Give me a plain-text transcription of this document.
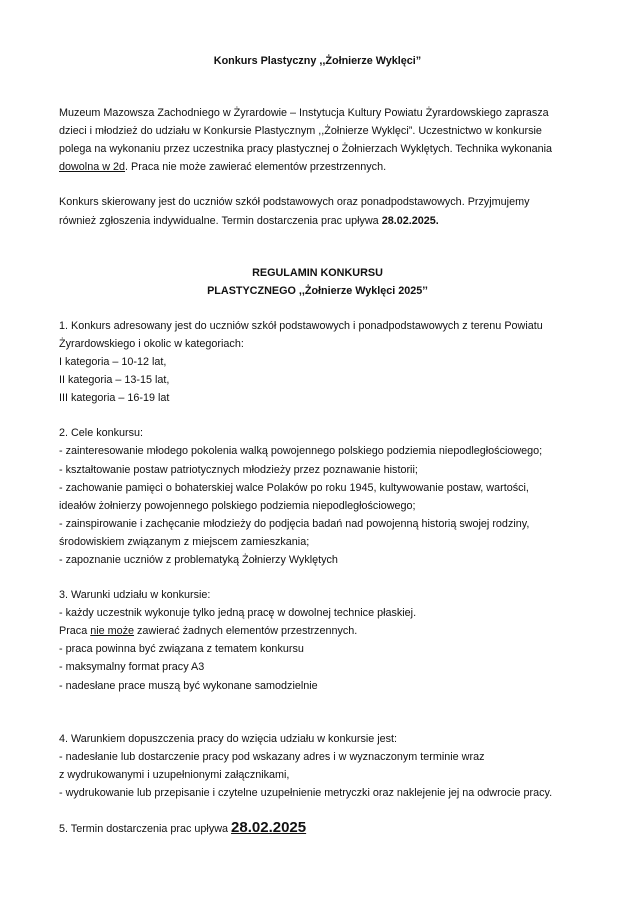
Konkurs Plastyczny ,,Żołnierze Wyklęci”

Muzeum Mazowsza Zachodniego w Żyrardowie – Instytucja Kultury Powiatu Żyrardowskiego zaprasza
dzieci i młodzież do udziału w Konkursie Plastycznym ,,Żołnierze Wyklęci”. Uczestnictwo w konkursie
polega na wykonaniu przez uczestnika pracy plastycznej o Żołnierzach Wyklętych. Technika wykonania
dowolna w 2d. Praca nie może zawierać elementów przestrzennych.
Konkurs skierowany jest do uczniów szkół podstawowych oraz ponadpodstawowych. Przyjmujemy
również zgłoszenia indywidualne. Termin dostarczenia prac upływa 28.02.2025.
REGULAMIN KONKURSU
PLASTYCZNEGO ,,Żołnierze Wyklęci 2025’’
1. Konkurs adresowany jest do uczniów szkół podstawowych i ponadpodstawowych z terenu Powiatu
Żyrardowskiego i okolic w kategoriach:
I kategoria – 10-12 lat,
II kategoria – 13-15 lat,
III kategoria – 16-19 lat
2. Cele konkursu:
- zainteresowanie młodego pokolenia walką powojennego polskiego podziemia niepodległościowego;
- kształtowanie postaw patriotycznych młodzieży przez poznawanie historii;
- zachowanie pamięci o bohaterskiej walce Polaków po roku 1945, kultywowanie postaw, wartości,
ideałów żołnierzy powojennego polskiego podziemia niepodległościowego;
- zainspirowanie i zachęcanie młodzieży do podjęcia badań nad powojenną historią swojej rodziny,
środowiskiem związanym z miejscem zamieszkania;
- zapoznanie uczniów z problematyką Żołnierzy Wyklętych
3. Warunki udziału w konkursie:
- każdy uczestnik wykonuje tylko jedną pracę w dowolnej technice płaskiej.
Praca nie może zawierać żadnych elementów przestrzennych.
- praca powinna być związana z tematem konkursu
- maksymalny format pracy A3
- nadesłane prace muszą być wykonane samodzielnie
4. Warunkiem dopuszczenia pracy do wzięcia udziału w konkursie jest:
- nadesłanie lub dostarczenie pracy pod wskazany adres i w wyznaczonym terminie wraz
z wydrukowanymi i uzupełnionymi załącznikami,
- wydrukowanie lub przepisanie i czytelne uzupełnienie metryczki oraz naklejenie jej na odwrocie pracy.
5. Termin dostarczenia prac upływa 28.02.2025
